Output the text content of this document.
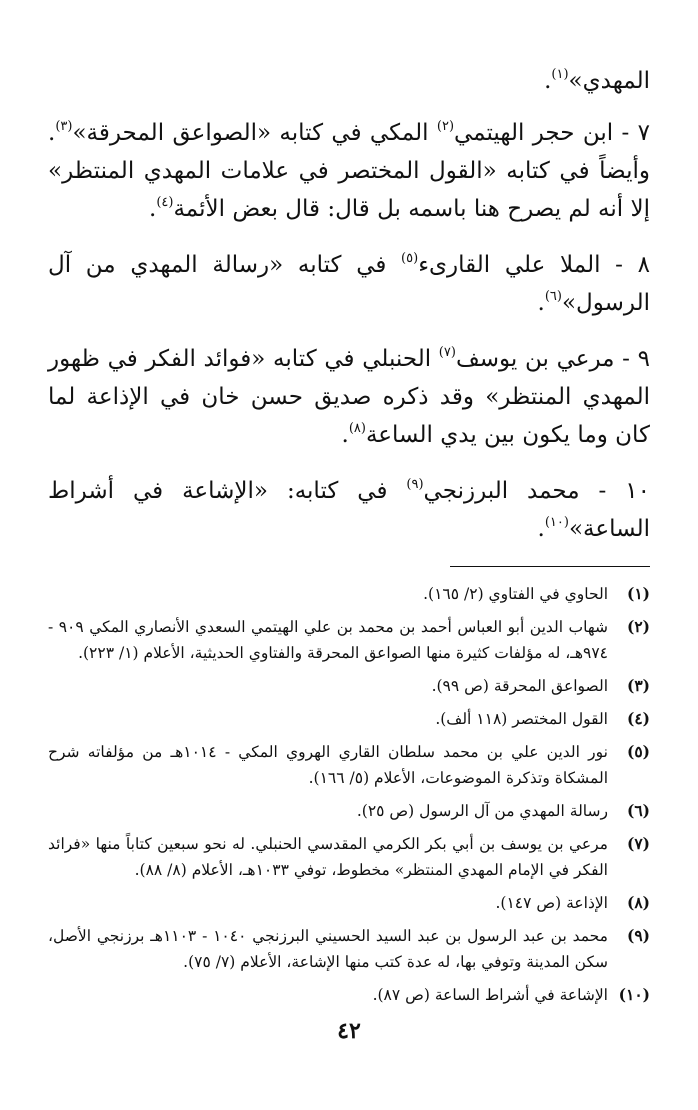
المهدي»$^{(١)}$.

٧ - ابن حجر الهيتمي$^{(٢)}$ المكي في كتابه «الصواعق المحرقة»$^{(٣)}$. وأيضاً في كتابه «القول المختصر في علامات المهدي المنتظر» إلا أنه لم يصرح هنا باسمه بل قال: قال بعض الأئمة$^{(٤)}$.

٨ - الملا علي القارىء$^{(٥)}$ في كتابه «رسالة المهدي من آل الرسول»$^{(٦)}$.

٩ - مرعي بن يوسف$^{(٧)}$ الحنبلي في كتابه «فوائد الفكر في ظهور المهدي المنتظر» وقد ذكره صديق حسن خان في الإذاعة لما كان وما يكون بين يدي الساعة$^{(٨)}$.

١٠ - محمد البرزنجي$^{(٩)}$ في كتابه: «الإشاعة في أشراط الساعة»$^{(١٠)}$.

(١)
الحاوي في الفتاوي (٢/ ١٦٥).
(٢)
شهاب الدين أبو العباس أحمد بن محمد بن علي الهيتمي السعدي الأنصاري المكي ٩٠٩ - ٩٧٤هـ، له مؤلفات كثيرة منها الصواعق المحرقة والفتاوي الحديثية، الأعلام (١/ ٢٢٣).
(٣)
الصواعق المحرقة (ص ٩٩).
(٤)
القول المختصر (١١٨ ألف).
(٥)
نور الدين علي بن محمد سلطان القاري الهروي المكي - ١٠١٤هـ من مؤلفاته شرح المشكاة وتذكرة الموضوعات، الأعلام (٥/ ١٦٦).
(٦)
رسالة المهدي من آل الرسول (ص ٢٥).
(٧)
مرعي بن يوسف بن أبي بكر الكرمي المقدسي الحنبلي. له نحو سبعين كتاباً منها «فرائد الفكر في الإمام المهدي المنتظر» مخطوط، توفي ١٠٣٣هـ، الأعلام (٨/ ٨٨).
(٨)
الإذاعة (ص ١٤٧).
(٩)
محمد بن عبد الرسول بن عبد السيد الحسيني البرزنجي ١٠٤٠ - ١١٠٣هـ برزنجي الأصل، سكن المدينة وتوفي بها، له عدة كتب منها الإشاعة، الأعلام (٧/ ٧٥).
(١٠)
الإشاعة في أشراط الساعة (ص ٨٧).
٤٢
